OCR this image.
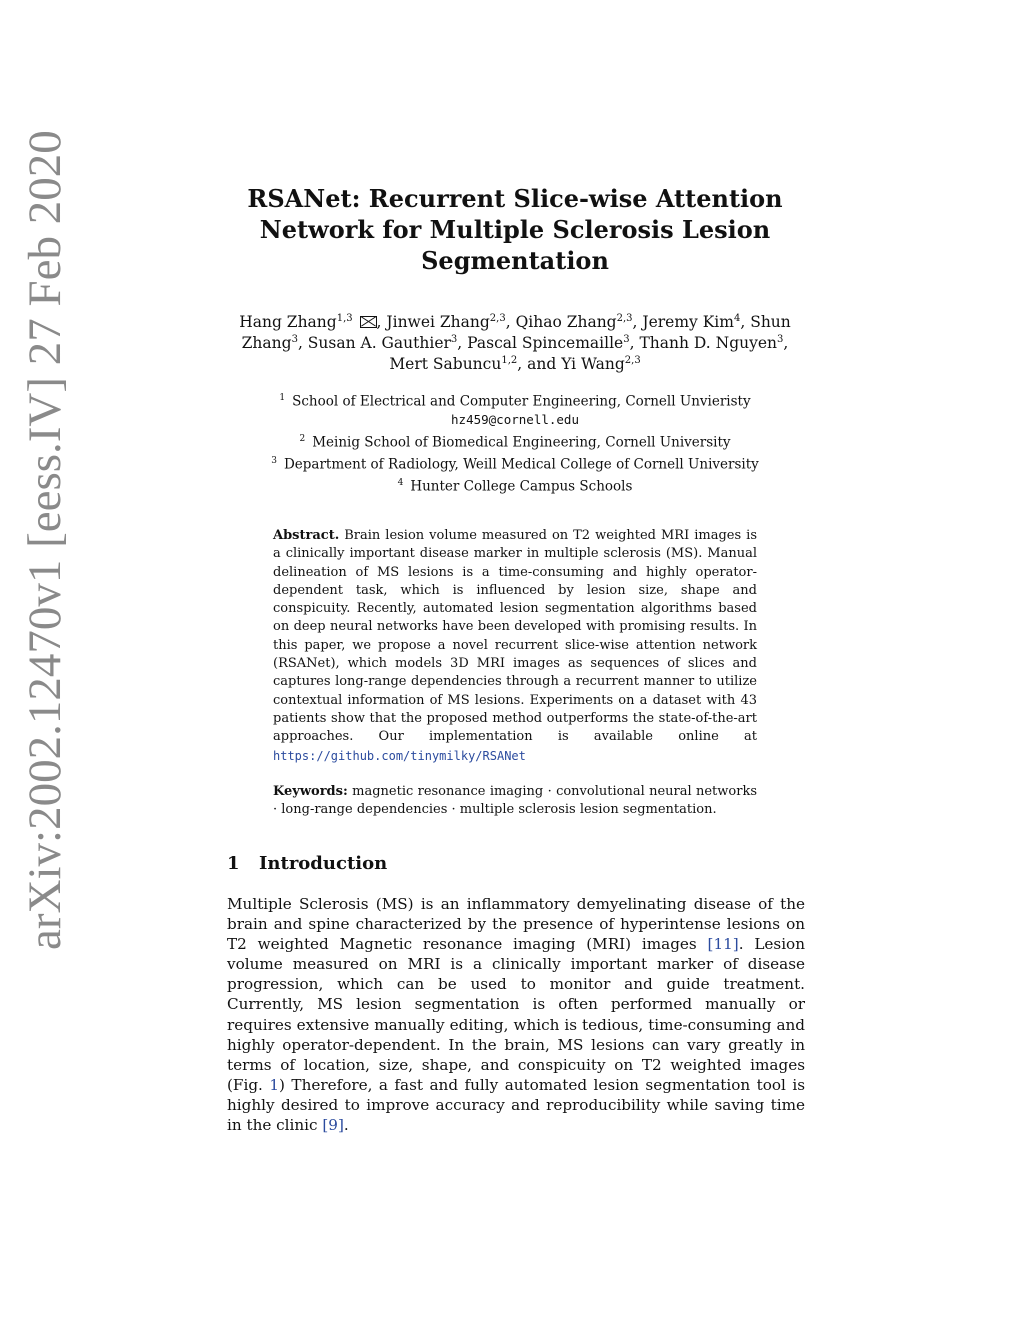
arXiv:2002.12470v1 [eess.IV] 27 Feb 2020	RSANet: Recurrent Slice-wise Attention Network for Multiple Sclerosis Lesion Segmentation
Hang Zhang$^{1,3}$ , Jinwei Zhang$^{2,3}$, Qihao Zhang$^{2,3}$, Jeremy Kim$^4$, Shun Zhang$^3$, Susan A. Gauthier$^3$, Pascal Spincemaille$^3$, Thanh D. Nguyen$^3$, Mert Sabuncu$^{1,2}$, and Yi Wang$^{2,3}$
$^1$ School of Electrical and Computer Engineering, Cornell Unvieristy
hz459@cornell.edu
$^2$ Meinig School of Biomedical Engineering, Cornell University
$^3$ Department of Radiology, Weill Medical College of Cornell University
$^4$ Hunter College Campus Schools
Abstract. Brain lesion volume measured on T2 weighted MRI images is a clinically important disease marker in multiple sclerosis (MS). Manual delineation of MS lesions is a time-consuming and highly operator-dependent task, which is influenced by lesion size, shape and conspicuity. Recently, automated lesion segmentation algorithms based on deep neural networks have been developed with promising results. In this paper, we propose a novel recurrent slice-wise attention network (RSANet), which models 3D MRI images as sequences of slices and captures long-range dependencies through a recurrent manner to utilize contextual information of MS lesions. Experiments on a dataset with 43 patients show that the proposed method outperforms the state-of-the-art approaches. Our implementation is available online at https://github.com/tinymilky/RSANet
Keywords: magnetic resonance imaging · convolutional neural networks · long-range dependencies · multiple sclerosis lesion segmentation.
1 Introduction
Multiple Sclerosis (MS) is an inflammatory demyelinating disease of the brain and spine characterized by the presence of hyperintense lesions on T2 weighted Magnetic resonance imaging (MRI) images [11]. Lesion volume measured on MRI is a clinically important marker of disease progression, which can be used to monitor and guide treatment. Currently, MS lesion segmentation is often performed manually or requires extensive manually editing, which is tedious, time-consuming and highly operator-dependent. In the brain, MS lesions can vary greatly in terms of location, size, shape, and conspicuity on T2 weighted images (Fig. 1) Therefore, a fast and fully automated lesion segmentation tool is highly desired to improve accuracy and reproducibility while saving time in the clinic [9].
